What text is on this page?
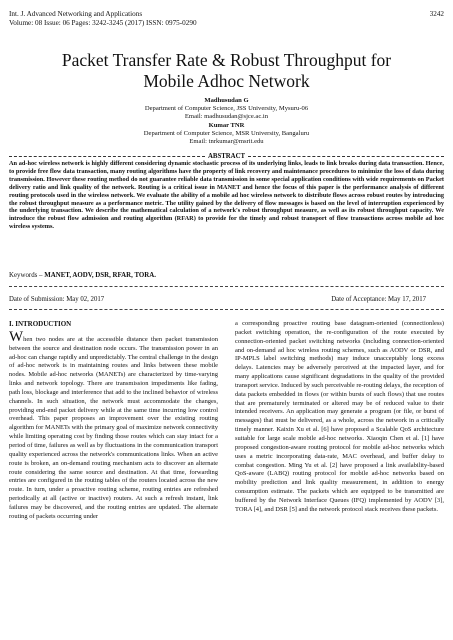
Int. J. Advanced Networking and Applications
Volume: 08 Issue: 06 Pages: 3242-3245 (2017) ISSN: 0975-0290
3242
Packet Transfer Rate & Robust Throughput for
Mobile Adhoc Network
Madhusudan G
Department of Computer Science, JSS University, Mysuru-06
Email: madhusudan@sjce.ac.in
Kumar TNR
Department of Computer Science, MSR University, Bangaluru
Email: tnrkumar@msrit.edu
ABSTRACT
An ad-hoc wireless network is highly different considering dynamic stochastic process of its underlying links, leads to link breaks during data transaction. Hence, to provide free flow data transaction, many routing algorithms have the property of link recovery and maintenance procedures to minimize the loss of data during transmission. However these routing method do not guarantee reliable data transmission in some special application conditions with wide requirements on Packet delivery ratio and link quality of the network. Routing is a critical issue in MANET and hence the focus of this paper is the performance analysis of different routing protocols used in the wireless network. We evaluate the ability of a mobile ad hoc wireless network to distribute flows across robust routes by introducing the robust throughput measure as a performance metric. The utility gained by the delivery of flow messages is based on the level of interruption experienced by the underlying transaction. We describe the mathematical calculation of a network's robust throughput measure, as well as its robust throughput capacity. We introduce the robust flow admission and routing algorithm (RFAR) to provide for the timely and robust transport of flow transactions across mobile ad hoc wireless systems.
Keywords – MANET, AODV, DSR, RFAR, TORA.
Date of Submission: May 02, 2017	Date of Acceptance: May 17, 2017
I. INTRODUCTION
When two nodes are at the accessible distance then packet transmission between the source and destination node occurs. The transmission power in an ad-hoc can change rapidly and unpredictably. The central challenge in the design of ad-hoc network is in maintaining routes and links between these mobile nodes. Mobile ad-hoc networks (MANETs) are characterized by time-varying links and network topology. There are transmission impediments like fading, path loss, blockage and interference that add to the inclined behavior of wireless channels. In such situation, the network must accommodate the changes, providing end-end packet delivery while at the same time incurring low control overhead. This paper proposes an improvement over the existing routing algorithm for MANETs with the primary goal of maximize network connectivity while limiting operating cost by finding those routes which can stay intact for a period of time, failures as well as by fluctuations in the communication transport quality experienced across the network's communications links. When an active route is broken, an on-demand routing mechanism acts to discover an alternate route considering the same source and destination. At that time, forwarding entries are configured in the routing tables of the routers located across the new route. In turn, under a proactive routing scheme, routing entries are refreshed periodically at all (active or inactive) routers. At such a refresh instant, link failures may be discovered, and the routing entries are updated. The alternate routing of packets occurring under
a corresponding proactive routing base datagram-oriented (connectionless) packet switching operation, the re-configuration of the route executed by connection-oriented packet switching networks (including connection-oriented and on-demand ad hoc wireless routing schemes, such as AODV or DSR, and IP-MPLS label switching methods) may induce unacceptably long excess delays. Latencies may be adversely perceived at the impacted layer, and for many applications cause significant degradations in the quality of the provided transport service. Induced by such perceivable re-routing delays, the reception of data packets embedded in flows (or within bursts of such flows) that use routes that are prematurely terminated or altered may be of reduced value to their intended receivers. An application may generate a program (or file, or burst of messages) that must be delivered, as a whole, across the network in a critically timely manner. Kaixin Xu et al. [6] have proposed a Scalable QoS architecture suitable for large scale mobile ad-hoc networks. Xiaoqin Chen et al. [1] have proposed congestion-aware routing protocol for mobile ad-hoc networks which uses a metric incorporating data-rate, MAC overhead, and buffer delay to combat congestion. Ming Yu et al. [2] have proposed a link availability-based QoS-aware (LABQ) routing protocol for mobile ad-hoc networks based on mobility prediction and link quality measurement, in addition to energy consumption estimate. The packets which are equipped to be transmitted are buffered by the Network Interface Queues (IFQ) implemented by AODV [3], TORA [4], and DSR [5] and the network protocol stack receives these packets.
